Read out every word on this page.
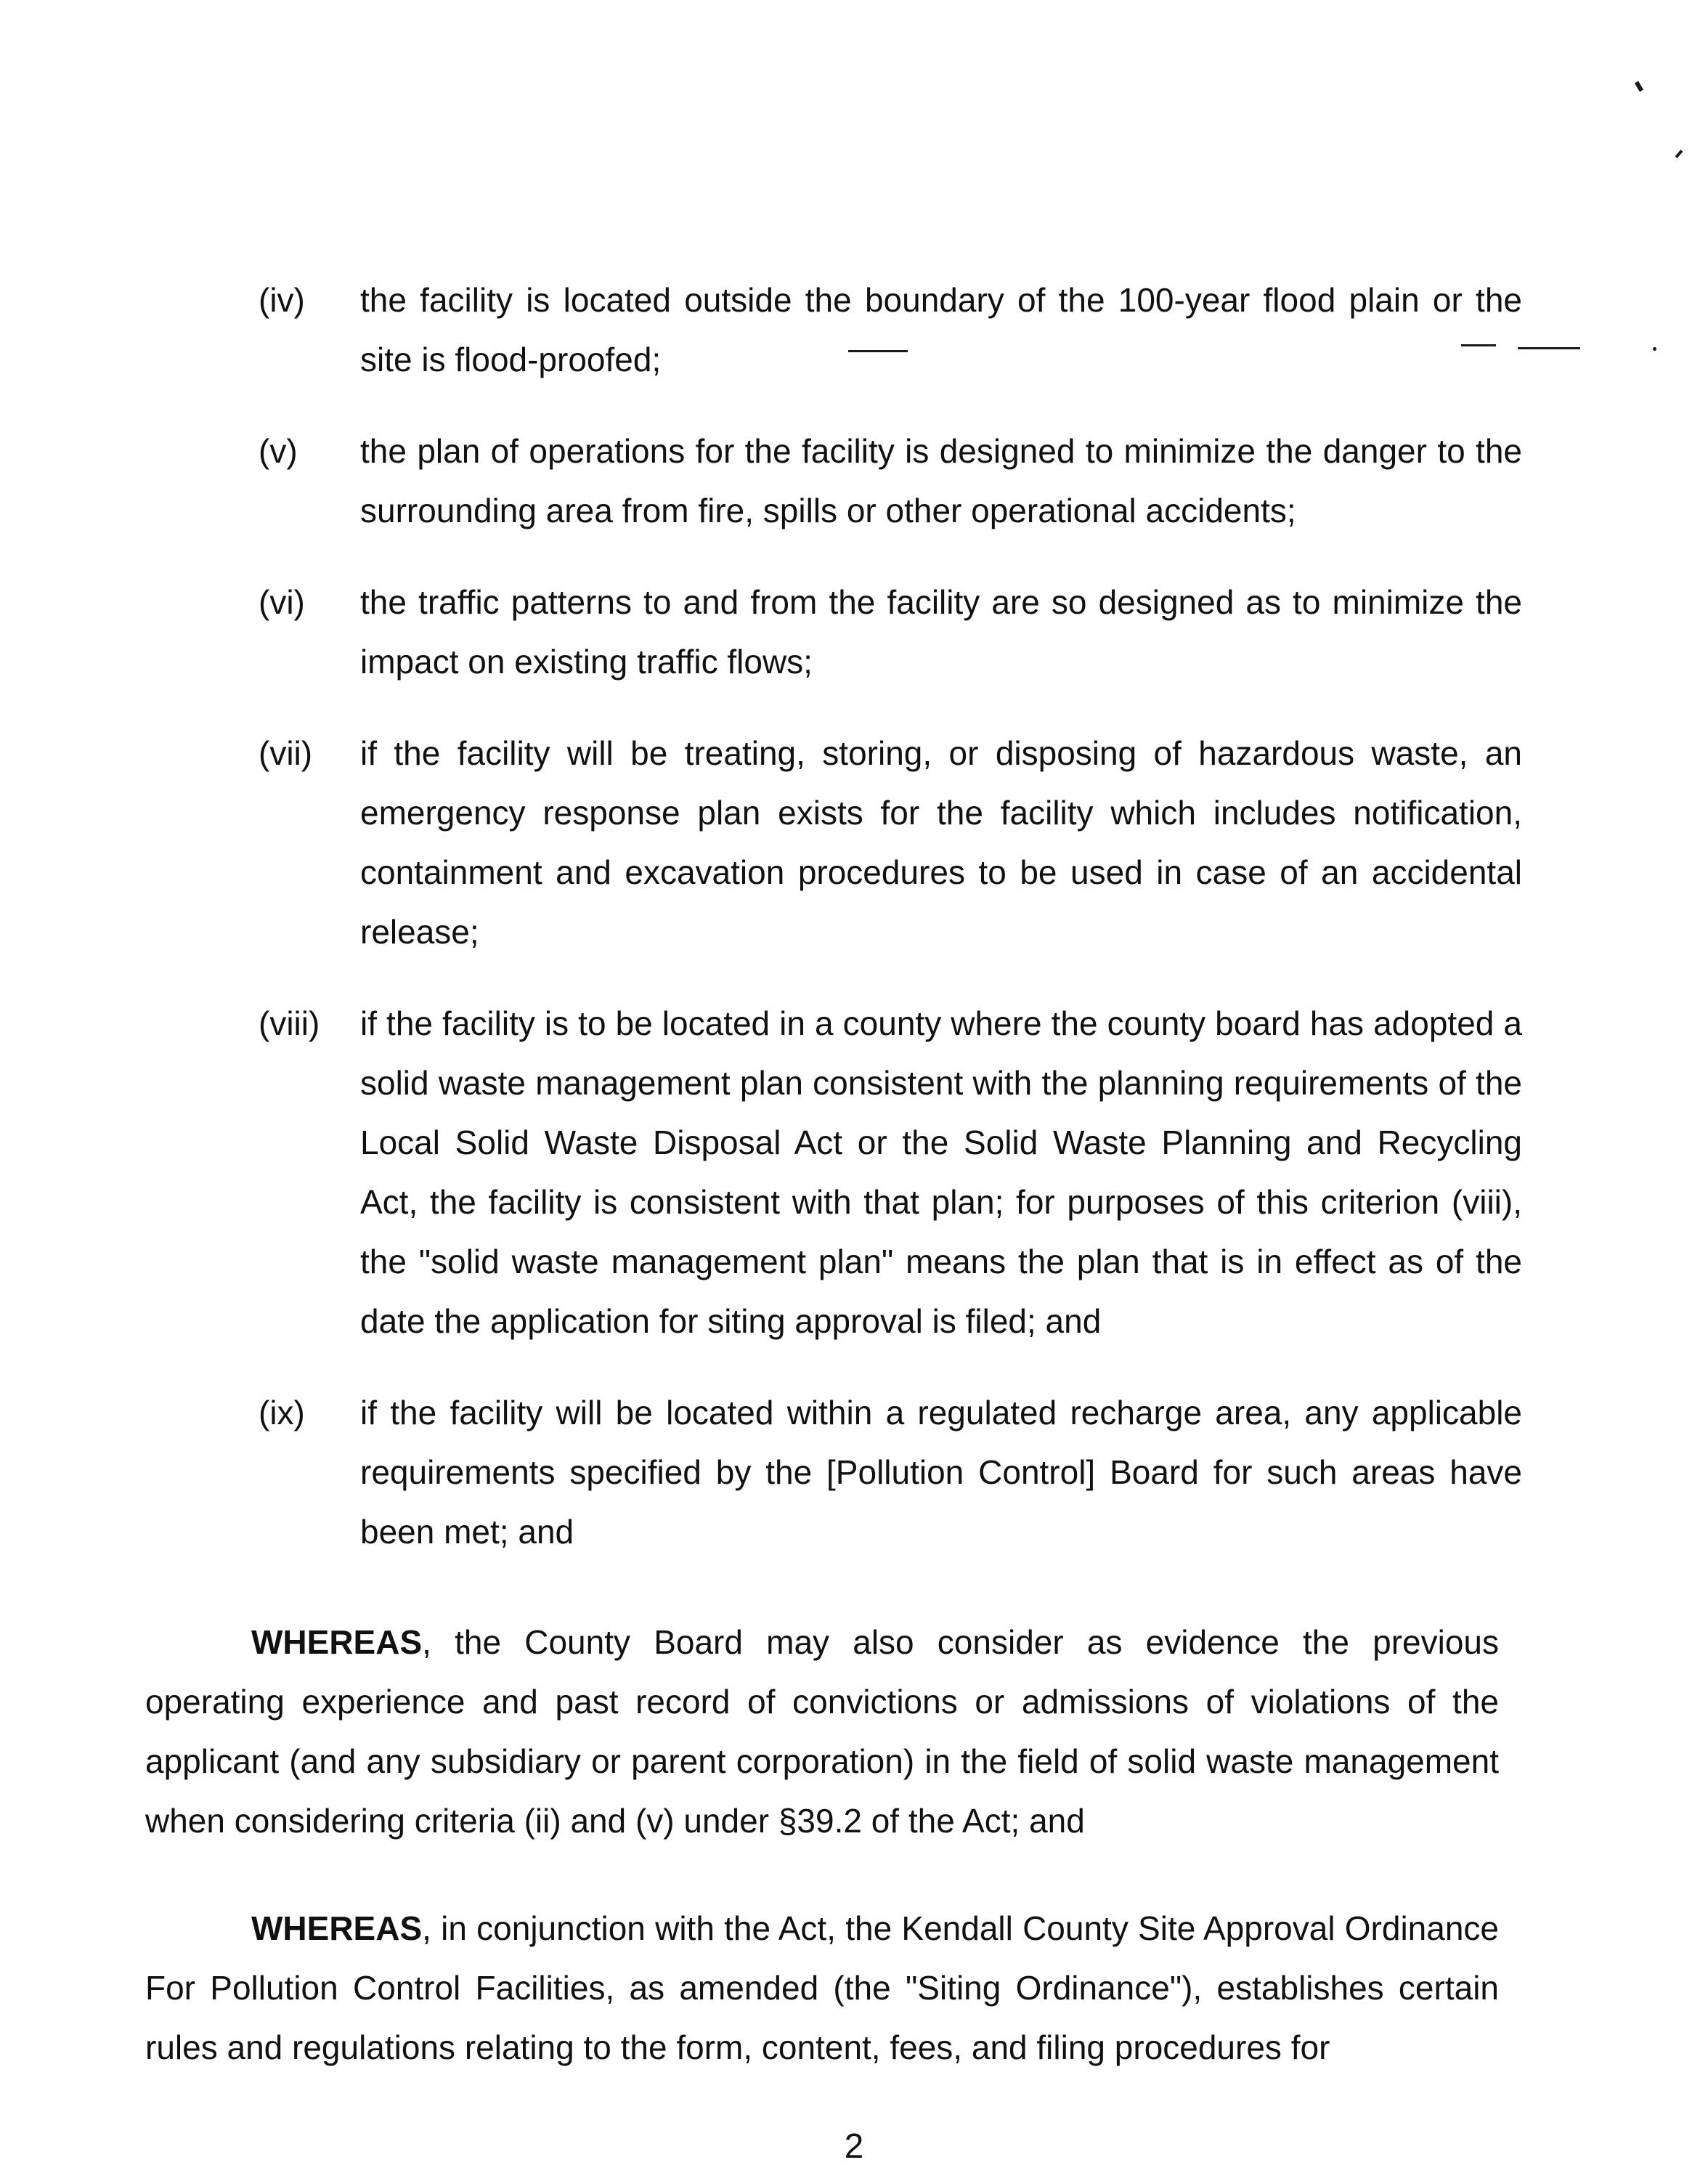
(iv)	the facility is located outside the boundary of the 100-year flood plain or the site is flood-proofed;
(v)	the plan of operations for the facility is designed to minimize the danger to the surrounding area from fire, spills or other operational accidents;
(vi)	the traffic patterns to and from the facility are so designed as to minimize the impact on existing traffic flows;
(vii)	if the facility will be treating, storing, or disposing of hazardous waste, an emergency response plan exists for the facility which includes notification, containment and excavation procedures to be used in case of an accidental release;
(viii)	if the facility is to be located in a county where the county board has adopted a solid waste management plan consistent with the planning requirements of the Local Solid Waste Disposal Act or the Solid Waste Planning and Recycling Act, the facility is consistent with that plan; for purposes of this criterion (viii), the "solid waste management plan" means the plan that is in effect as of the date the application for siting approval is filed; and
(ix)	if the facility will be located within a regulated recharge area, any applicable requirements specified by the [Pollution Control] Board for such areas have been met; and
WHEREAS, the County Board may also consider as evidence the previous operating experience and past record of convictions or admissions of violations of the applicant (and any subsidiary or parent corporation) in the field of solid waste management when considering criteria (ii) and (v) under §39.2 of the Act; and
WHEREAS, in conjunction with the Act, the Kendall County Site Approval Ordinance For Pollution Control Facilities, as amended (the "Siting Ordinance"), establishes certain rules and regulations relating to the form, content, fees, and filing procedures for
2
